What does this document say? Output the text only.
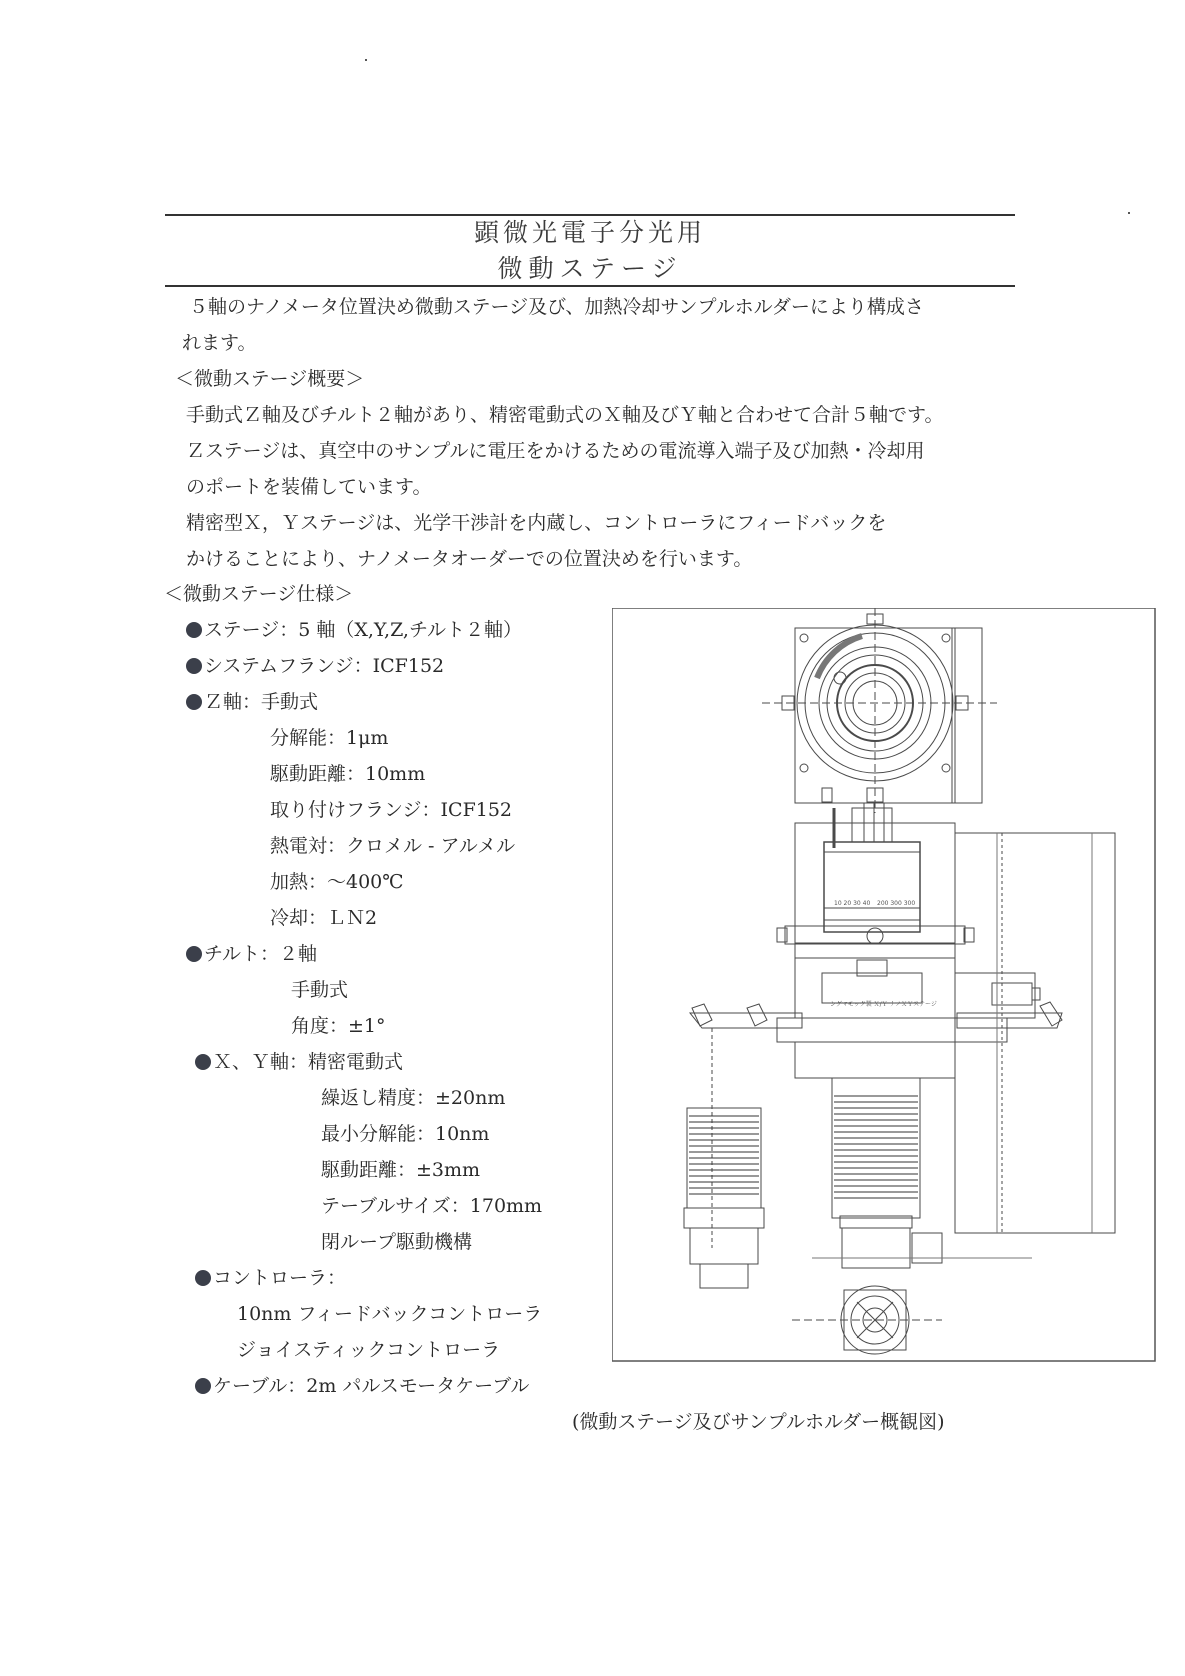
顕微光電子分光用
微動ステージ
５軸のナノメータ位置決め微動ステージ及び、加熱冷却サンプルホルダーにより構成さ
れます。
＜微動ステージ概要＞
手動式Ｚ軸及びチルト２軸があり、精密電動式のＸ軸及びＹ軸と合わせて合計５軸です。
Ｚステージは、真空中のサンプルに電圧をかけるための電流導入端子及び加熱・冷却用
のポートを装備しています。
精密型Ｘ，Ｙステージは、光学干渉計を内蔵し、コントローラにフィードバックを
かけることにより、ナノメータオーダーでの位置決めを行います。
＜微動ステージ仕様＞
ステージ：5 軸（X,Y,Z,チルト２軸）
システムフランジ：ICF152
Ｚ軸：手動式
分解能：1μm
駆動距離：10mm
取り付けフランジ：ICF152
熱電対：クロメル - アルメル
加熱：～400℃
冷却：ＬＮ2
チルト：２軸
手動式
角度：±1°
Ｘ、Ｙ軸：精密電動式
繰返し精度：±20nm
最小分解能：10nm
駆動距離：±3mm
テーブルサイズ：170mm
閉ループ駆動機構
コントローラ：
10nm フィードバックコントローラ
ジョイスティックコントローラ
ケーブル：2m パルスモータケーブル
10 20 30 40 200 300 300
シグマモック製 Ｘ/Ｙ ナノＸＹステージ
(微動ステージ及びサンプルホルダー概観図)
